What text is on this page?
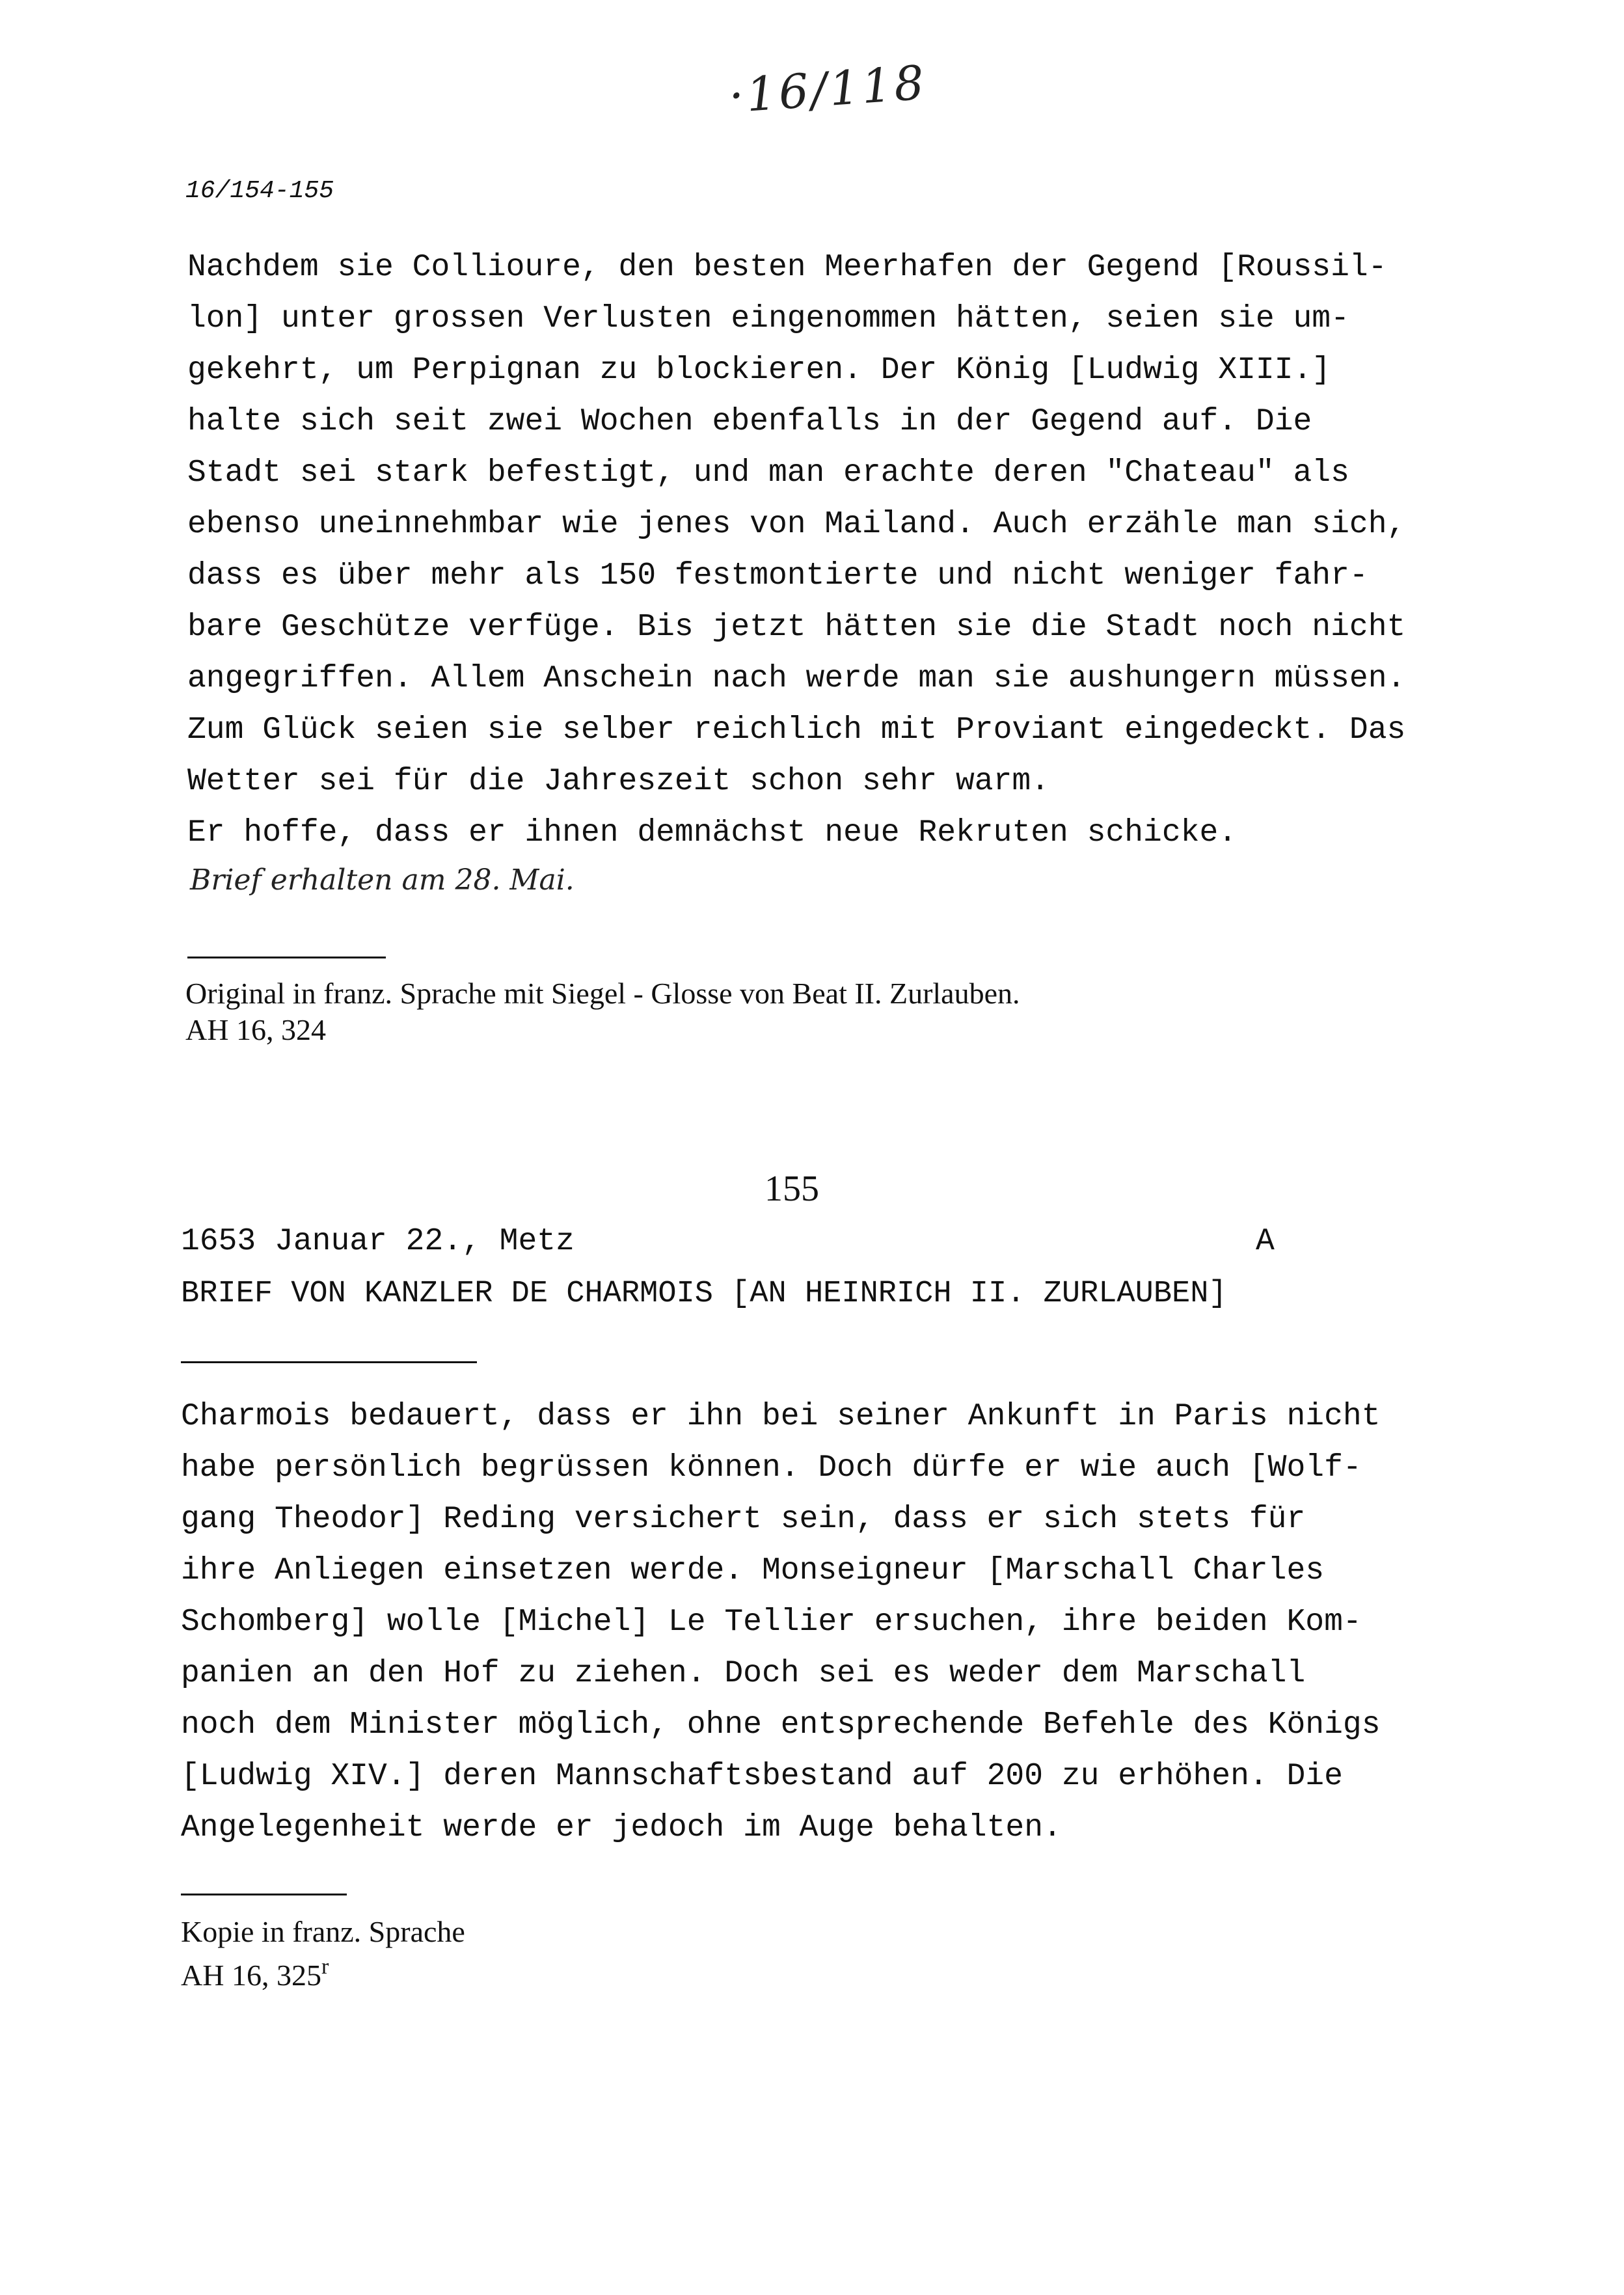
·16/118
16/154-155
Nachdem sie Collioure, den besten Meerhafen der Gegend [Roussil-
lon] unter grossen Verlusten eingenommen hätten, seien sie um-
gekehrt, um Perpignan zu blockieren. Der König [Ludwig XIII.]
halte sich seit zwei Wochen ebenfalls in der Gegend auf. Die
Stadt sei stark befestigt, und man erachte deren "Chateau" als
ebenso uneinnehmbar wie jenes von Mailand. Auch erzähle man sich,
dass es über mehr als 150 festmontierte und nicht weniger fahr-
bare Geschütze verfüge. Bis jetzt hätten sie die Stadt noch nicht
angegriffen. Allem Anschein nach werde man sie aushungern müssen.
Zum Glück seien sie selber reichlich mit Proviant eingedeckt. Das
Wetter sei für die Jahreszeit schon sehr warm.
Er hoffe, dass er ihnen demnächst neue Rekruten schicke.
Brief erhalten am 28. Mai.
Original in franz. Sprache mit Siegel - Glosse von Beat II. Zurlauben.
AH 16, 324
155
1653 Januar 22., Metz	A
BRIEF VON KANZLER DE CHARMOIS [AN HEINRICH II. ZURLAUBEN]
Charmois bedauert, dass er ihn bei seiner Ankunft in Paris nicht
habe persönlich begrüssen können. Doch dürfe er wie auch [Wolf-
gang Theodor] Reding versichert sein, dass er sich stets für
ihre Anliegen einsetzen werde. Monseigneur [Marschall Charles
Schomberg] wolle [Michel] Le Tellier ersuchen, ihre beiden Kom-
panien an den Hof zu ziehen. Doch sei es weder dem Marschall
noch dem Minister möglich, ohne entsprechende Befehle des Königs
[Ludwig XIV.] deren Mannschaftsbestand auf 200 zu erhöhen. Die
Angelegenheit werde er jedoch im Auge behalten.
Kopie in franz. Sprache
AH 16, 325$^r$
